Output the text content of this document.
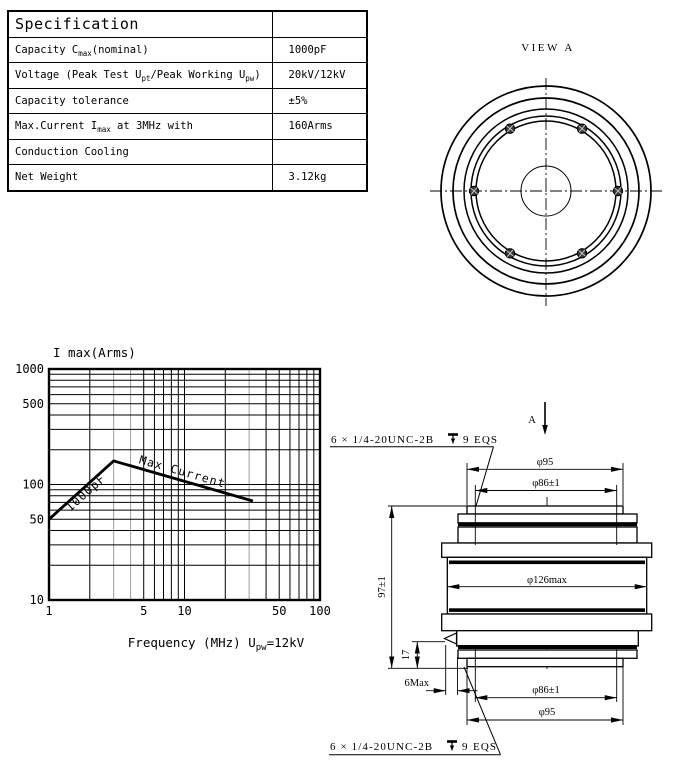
Specification	
Capacity $C_{max}(nominal)$	1000pF
Voltage (Peak Test $U_{pt}$/Peak Working $U_{pw}$)	20kV/12kV
Capacity tolerance	±5%
Max.Current $I_{max}$ at 3MHz with	160Arms
Conduction Cooling	
Net Weight	3.12kg
VIEW A
1000pF	Max Current
1	5 10	50 100
10
50
100
500
1000
I max(Arms)
Frequency (MHz) $U_{pw}=12kV$
A
φ95
φ86±1
φ126max
97±1
17
6Max
φ86±1
φ95
6 × 1/4-20UNC-2B	9 EQS
6 × 1/4-20UNC-2B	9 EQS
